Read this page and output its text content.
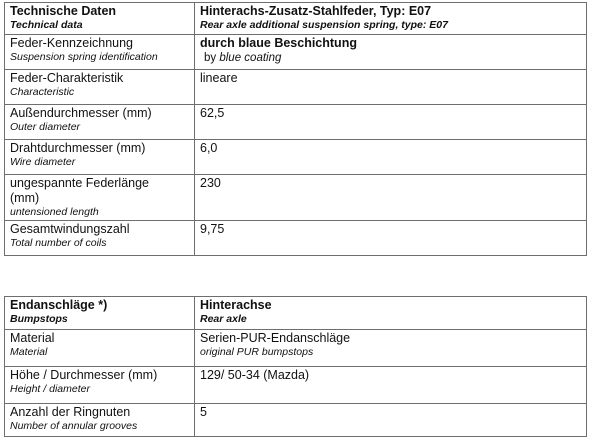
Technische Daten
Technical data	Hinterachs-Zusatz-Stahlfeder, Typ: E07
Rear axle additional suspension spring, type: E07

Feder-Kennzeichnung
Suspension spring identification	durch blaue Beschichtung
by blue coating

Feder-Charakteristik
Characteristic	lineare

Außendurchmesser (mm)
Outer diameter	62,5

Drahtdurchmesser (mm)
Wire diameter	6,0

ungespannte Federlänge
(mm)
untensioned length	230

Gesamtwindungszahl
Total number of coils	9,75
Endanschläge *)
Bumpstops	Hinterachse
Rear axle

Material
Material	Serien-PUR-Endanschläge
original PUR bumpstops

Höhe / Durchmesser (mm)
Height / diameter	129/ 50-34 (Mazda)

Anzahl der Ringnuten
Number of annular grooves	5
